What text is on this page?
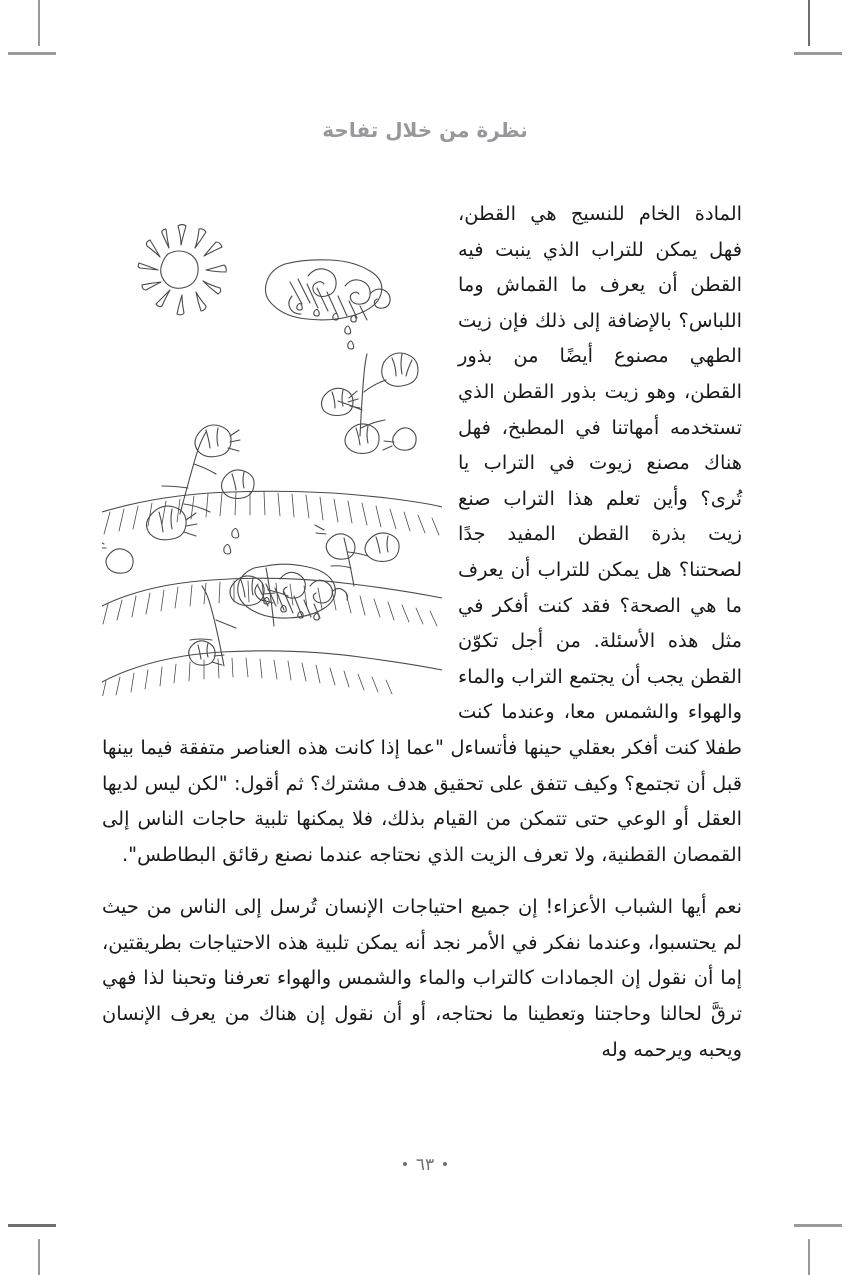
نظرة من خلال تفاحة

المادة الخام للنسيج هي القطن، فهل يمكن للتراب الذي ينبت فيه القطن أن يعرف ما القماش وما اللباس؟ بالإضافة إلى ذلك فإن زيت الطهي مصنوع أيضًا من بذور القطن، وهو زيت بذور القطن الذي تستخدمه أمهاتنا في المطبخ، فهل هناك مصنع زيوت في التراب يا تُرى؟ وأين تعلم هذا التراب صنع زيت بذرة القطن المفيد جدًا لصحتنا؟ هل يمكن للتراب أن يعرف ما هي الصحة؟ فقد كنت أفكر في مثل هذه الأسئلة. من أجل تكوّن القطن يجب أن يجتمع التراب والماء والهواء والشمس معا، وعندما كنت طفلا كنت أفكر بعقلي حينها فأتساءل "عما إذا كانت هذه العناصر متفقة فيما بينها قبل أن تجتمع؟ وكيف تتفق على تحقيق هدف مشترك؟ ثم أقول: "لكن ليس لديها العقل أو الوعي حتى تتمكن من القيام بذلك، فلا يمكنها تلبية حاجات الناس إلى القمصان القطنية، ولا تعرف الزيت الذي نحتاجه عندما نصنع رقائق البطاطس".

نعم أيها الشباب الأعزاء! إن جميع احتياجات الإنسان تُرسل إلى الناس من حيث لم يحتسبوا، وعندما نفكر في الأمر نجد أنه يمكن تلبية هذه الاحتياجات بطريقتين، إما أن نقول إن الجمادات كالتراب والماء والشمس والهواء تعرفنا وتحبنا لذا فهي ترقَّ لحالنا وحاجتنا وتعطينا ما نحتاجه، أو أن نقول إن هناك من يعرف الإنسان ويحبه ويرحمه وله

٦٣
